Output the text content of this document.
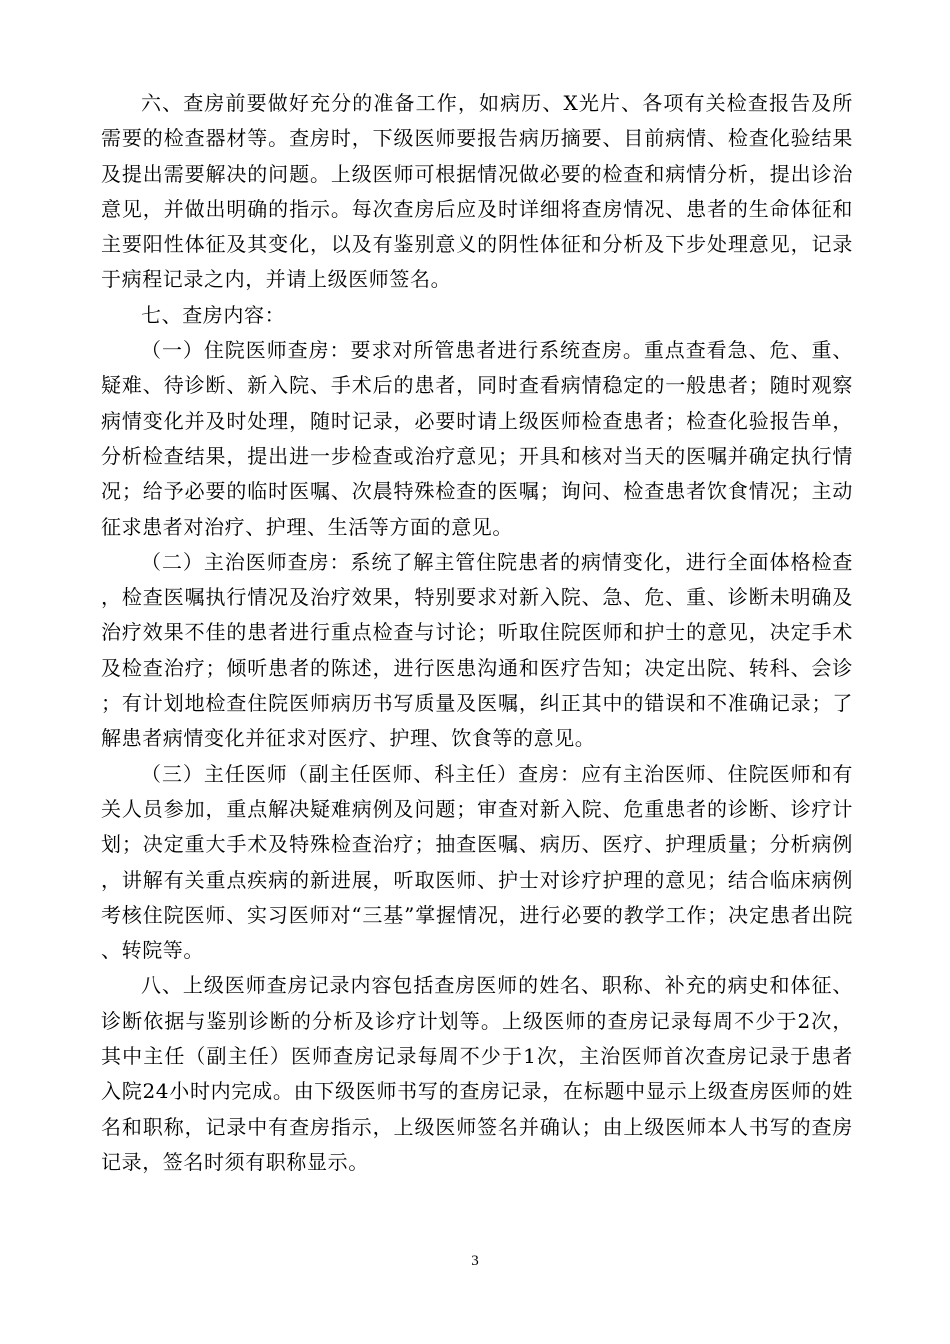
六、查房前要做好充分的准备工作，如病历、X光片、各项有关检查报告及所需要的检查器材等。查房时，下级医师要报告病历摘要、目前病情、检查化验结果及提出需要解决的问题。上级医师可根据情况做必要的检查和病情分析，提出诊治意见，并做出明确的指示。每次查房后应及时详细将查房情况、患者的生命体征和主要阳性体征及其变化，以及有鉴别意义的阴性体征和分析及下步处理意见，记录于病程记录之内，并请上级医师签名。

七、查房内容：

（一）住院医师查房：要求对所管患者进行系统查房。重点查看急、危、重、疑难、待诊断、新入院、手术后的患者，同时查看病情稳定的一般患者；随时观察病情变化并及时处理，随时记录，必要时请上级医师检查患者；检查化验报告单，分析检查结果，提出进一步检查或治疗意见；开具和核对当天的医嘱并确定执行情况；给予必要的临时医嘱、次晨特殊检查的医嘱；询问、检查患者饮食情况；主动征求患者对治疗、护理、生活等方面的意见。

（二）主治医师查房：系统了解主管住院患者的病情变化，进行全面体格检查，检查医嘱执行情况及治疗效果，特别要求对新入院、急、危、重、诊断未明确及治疗效果不佳的患者进行重点检查与讨论；听取住院医师和护士的意见，决定手术及检查治疗；倾听患者的陈述，进行医患沟通和医疗告知；决定出院、转科、会诊；有计划地检查住院医师病历书写质量及医嘱，纠正其中的错误和不准确记录；了解患者病情变化并征求对医疗、护理、饮食等的意见。

（三）主任医师（副主任医师、科主任）查房：应有主治医师、住院医师和有关人员参加，重点解决疑难病例及问题；审查对新入院、危重患者的诊断、诊疗计划；决定重大手术及特殊检查治疗；抽查医嘱、病历、医疗、护理质量；分析病例，讲解有关重点疾病的新进展，听取医师、护士对诊疗护理的意见；结合临床病例考核住院医师、实习医师对“三基”掌握情况，进行必要的教学工作；决定患者出院、转院等。

八、上级医师查房记录内容包括查房医师的姓名、职称、补充的病史和体征、诊断依据与鉴别诊断的分析及诊疗计划等。上级医师的查房记录每周不少于2次，其中主任（副主任）医师查房记录每周不少于1次，主治医师首次查房记录于患者入院24小时内完成。由下级医师书写的查房记录，在标题中显示上级查房医师的姓名和职称，记录中有查房指示，上级医师签名并确认；由上级医师本人书写的查房记录，签名时须有职称显示。

3
